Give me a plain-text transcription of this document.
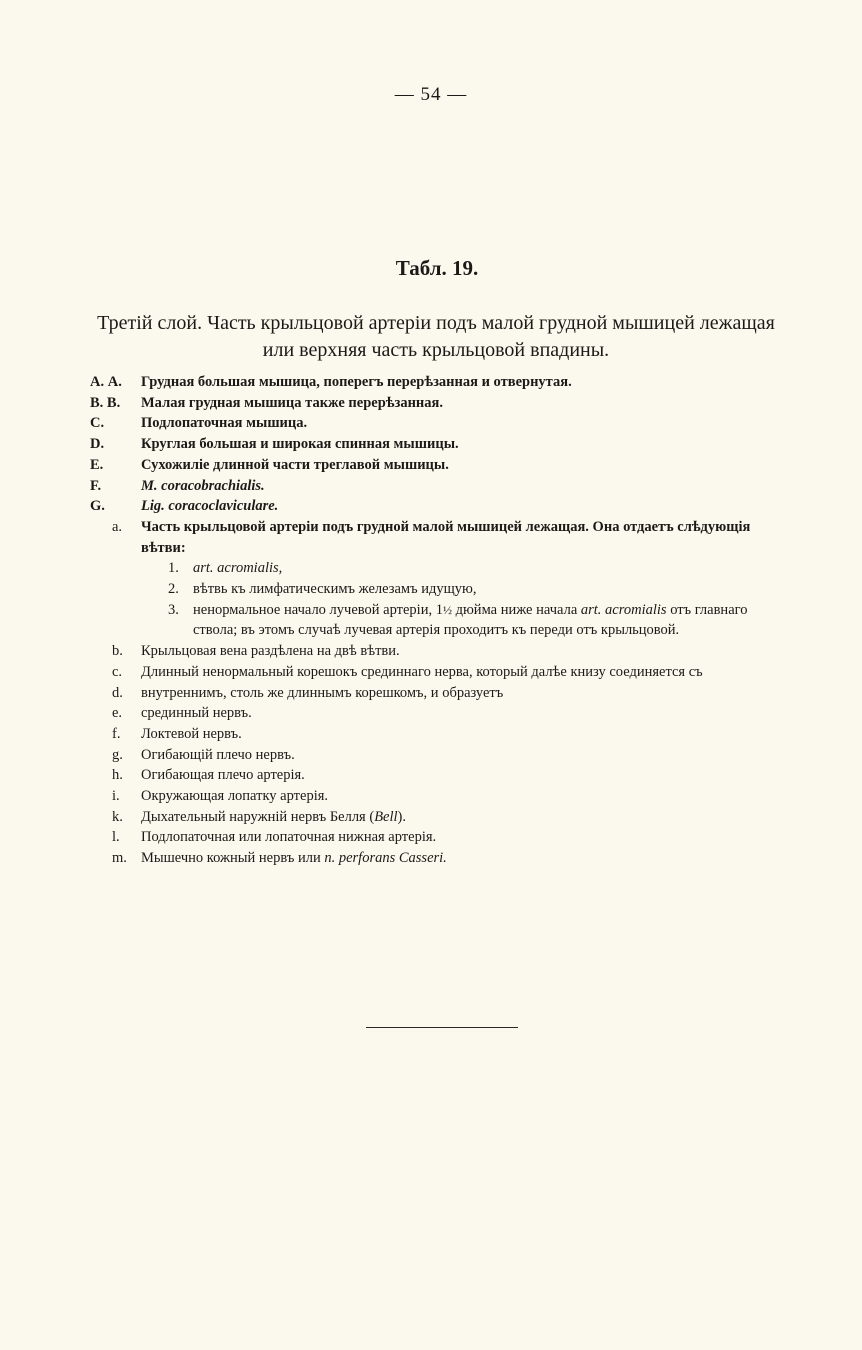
— 54 —
Табл. 19.
Третій слой. Часть крыльцовой артеріи подъ малой грудной мышицей лежащая или верхняя часть крыльцовой впадины.
А. А.	Грудная большая мышица, поперегъ перерѣзанная и отвернутая.
В. В.	Малая грудная мышица также перерѣзанная.
С.	Подлопаточная мышица.
D.	Круглая большая и широкая спинная мышицы.
Е.	Сухожиліе длинной части треглавой мышицы.
F.	M. coracobrachialis.
G.	Lig. coracoclaviculare.
a.	Часть крыльцовой артеріи подъ грудной малой мышицей лежащая. Она отдаетъ слѣдующія вѣтви:
1. art. acromialis,
2. вѣтвь къ лимфатическимъ железамъ идущую,
3. ненормальное начало лучевой артеріи, 1½ дюйма ниже начала art. acromialis отъ главнаго ствола; въ этомъ случаѣ лучевая артерія проходитъ къ переди отъ крыльцовой.
b.	Крыльцовая вена раздѣлена на двѣ вѣтви.
c.	Длинный ненормальный корешокъ срединнаго нерва, который далѣе книзу соединяется съ
d.	внутреннимъ, столь же длиннымъ корешкомъ, и образуетъ
e.	срединный нервъ.
f.	Локтевой нервъ.
g.	Огибающій плечо нервъ.
h.	Огибающая плечо артерія.
i.	Окружающая лопатку артерія.
k.	Дыхательный наружній нервъ Белля (Bell).
l.	Подлопаточная или лопаточная нижная артерія.
m. Мышечно кожный нервъ или n. perforans Casseri.
